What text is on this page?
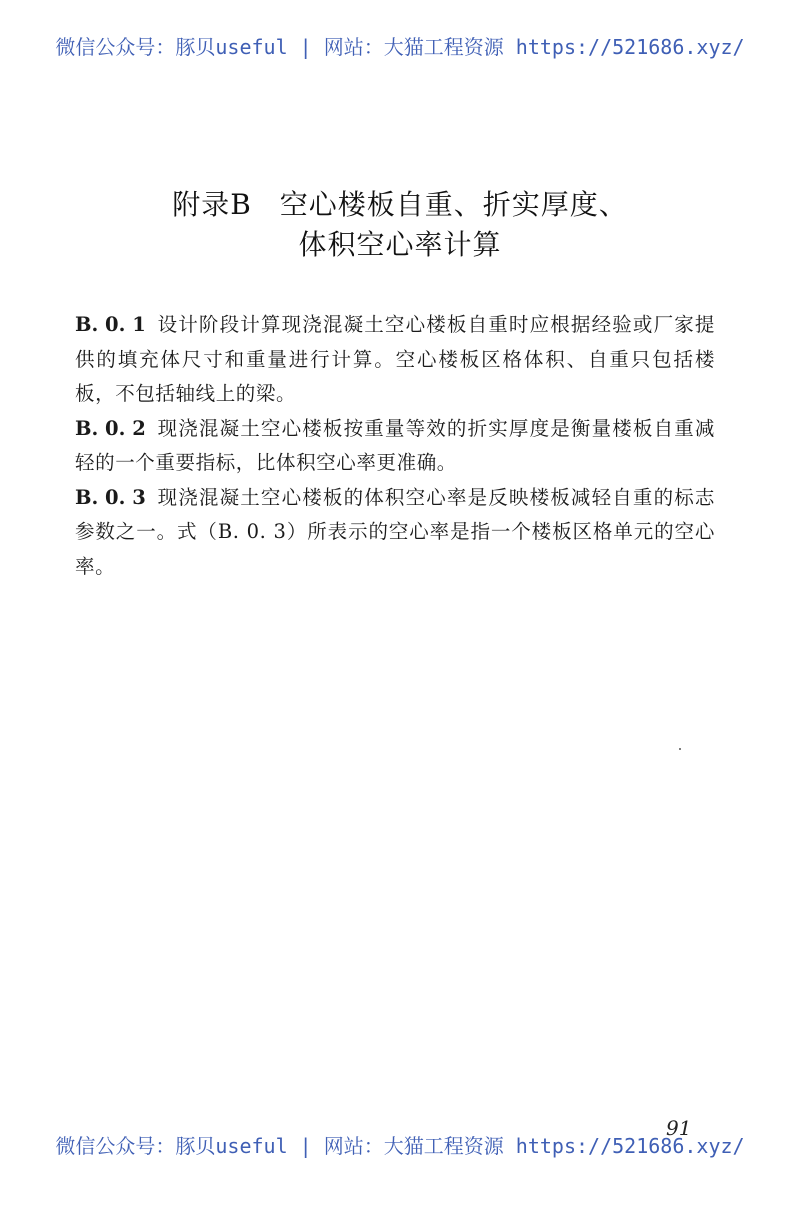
微信公众号：豚贝useful | 网站：大猫工程资源 https://521686.xyz/
附录B 空心楼板自重、折实厚度、
体积空心率计算

B. 0. 1 设计阶段计算现浇混凝土空心楼板自重时应根据经验或厂家提供的填充体尺寸和重量进行计算。空心楼板区格体积、自重只包括楼板，不包括轴线上的梁。

B. 0. 2 现浇混凝土空心楼板按重量等效的折实厚度是衡量楼板自重减轻的一个重要指标，比体积空心率更准确。

B. 0. 3 现浇混凝土空心楼板的体积空心率是反映楼板减轻自重的标志参数之一。式（B. 0. 3）所表示的空心率是指一个楼板区格单元的空心率。

91
微信公众号：豚贝useful | 网站：大猫工程资源 https://521686.xyz/
